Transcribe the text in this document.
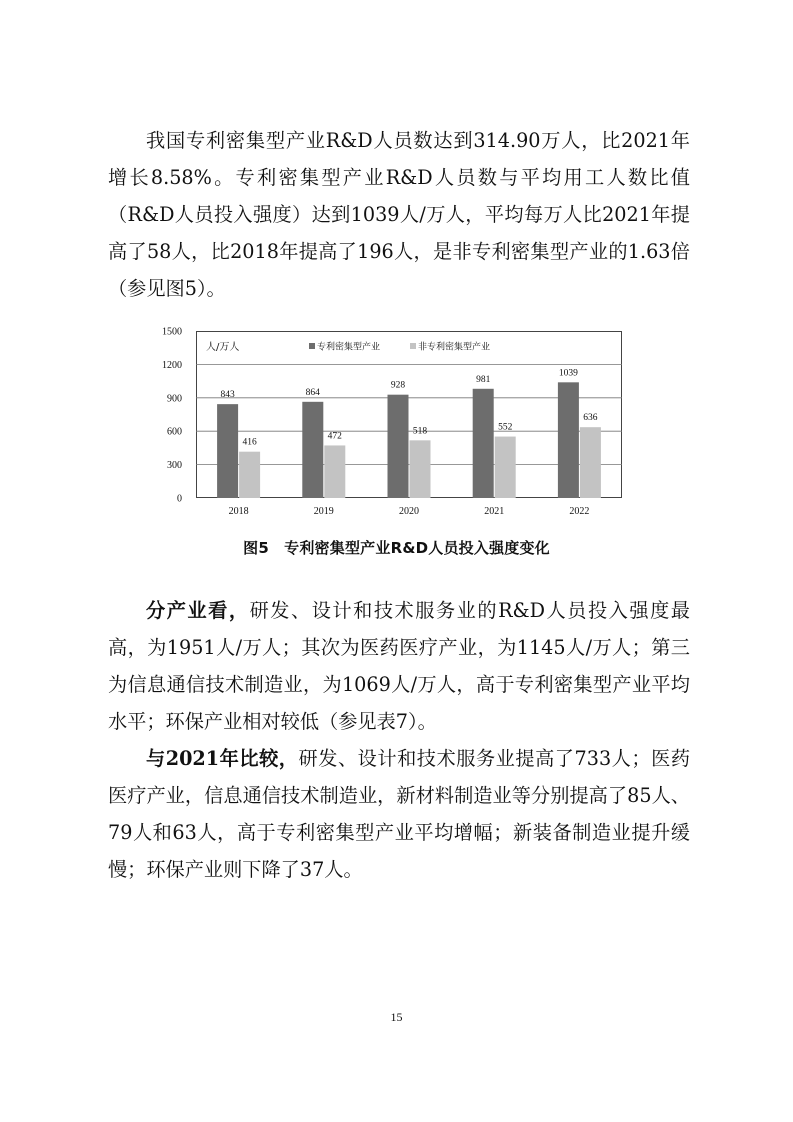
我国专利密集型产业R&D人员数达到314.90万人，比2021年增长8.58%。专利密集型产业R&D人员数与平均用工人数比值（R&D人员投入强度）达到1039人/万人，平均每万人比2021年提高了58人，比2018年提高了196人，是非专利密集型产业的1.63倍（参见图5）。

0
300
600
900
1200
1500
人/万人	专利密集型产业	非专利密集型产业
843
416
2018
864
472
2019
928
518
2020
981
552
2021
1039
636
2022
图5　专利密集型产业R&D人员投入强度变化

分产业看，研发、设计和技术服务业的R&D人员投入强度最高，为1951人/万人；其次为医药医疗产业，为1145人/万人；第三为信息通信技术制造业，为1069人/万人，高于专利密集型产业平均水平；环保产业相对较低（参见表7）。

与2021年比较，研发、设计和技术服务业提高了733人；医药医疗产业，信息通信技术制造业，新材料制造业等分别提高了85人、79人和63人，高于专利密集型产业平均增幅；新装备制造业提升缓慢；环保产业则下降了37人。

15
